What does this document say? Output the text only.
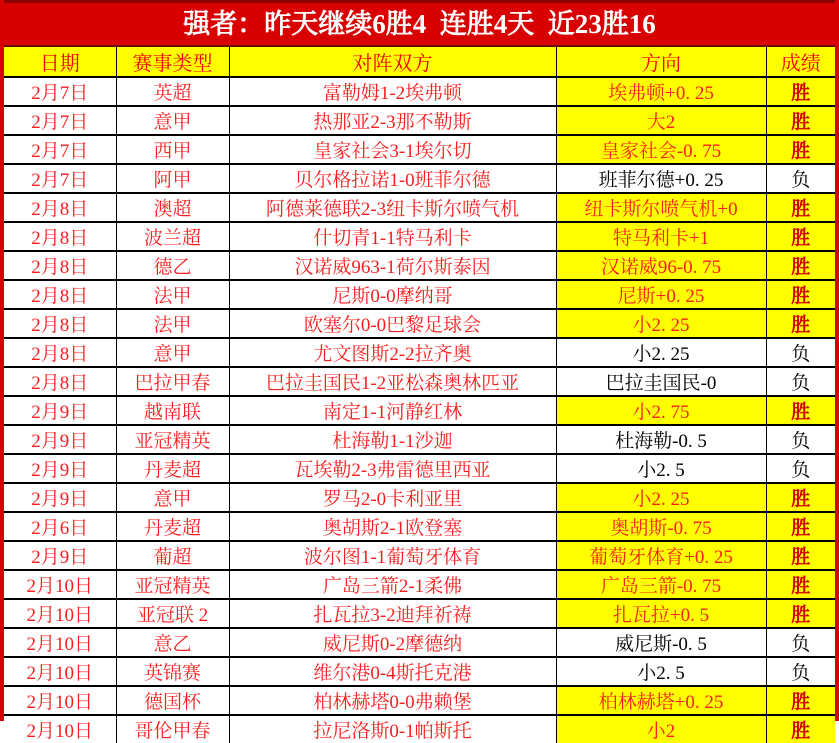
强者：昨天继续6胜4  连胜4天  近23胜16
日期	赛事类型	对阵双方	方向	成绩
2月7日	英超	富勒姆1-2埃弗顿	埃弗顿+0. 25	胜
2月7日	意甲	热那亚2-3那不勒斯	大2	胜
2月7日	西甲	皇家社会3-1埃尔切	皇家社会-0. 75	胜
2月7日	阿甲	贝尔格拉诺1-0班菲尔德	班菲尔德+0. 25	负
2月8日	澳超	阿德莱德联2-3纽卡斯尔喷气机	纽卡斯尔喷气机+0	胜
2月8日	波兰超	什切青1-1特马利卡	特马利卡+1	胜
2月8日	德乙	汉诺威963-1荷尔斯泰因	汉诺威96-0. 75	胜
2月8日	法甲	尼斯0-0摩纳哥	尼斯+0. 25	胜
2月8日	法甲	欧塞尔0-0巴黎足球会	小2. 25	胜
2月8日	意甲	尤文图斯2-2拉齐奥	小2. 25	负
2月8日	巴拉甲春	巴拉圭国民1-2亚松森奥林匹亚	巴拉圭国民-0	负
2月9日	越南联	南定1-1河静红林	小2. 75	胜
2月9日	亚冠精英	杜海勒1-1沙迦	杜海勒-0. 5	负
2月9日	丹麦超	瓦埃勒2-3弗雷德里西亚	小2. 5	负
2月9日	意甲	罗马2-0卡利亚里	小2. 25	胜
2月6日	丹麦超	奥胡斯2-1欧登塞	奥胡斯-0. 75	胜
2月9日	葡超	波尔图1-1葡萄牙体育	葡萄牙体育+0. 25	胜
2月10日	亚冠精英	广岛三箭2-1柔佛	广岛三箭-0. 75	胜
2月10日	亚冠联 2	扎瓦拉3-2迪拜祈祷	扎瓦拉+0. 5	胜
2月10日	意乙	威尼斯0-2摩德纳	威尼斯-0. 5	负
2月10日	英锦赛	维尔港0-4斯托克港	小2. 5	负
2月10日	德国杯	柏林赫塔0-0弗赖堡	柏林赫塔+0. 25	胜
2月10日	哥伦甲春	拉尼洛斯0-1帕斯托	小2	胜
